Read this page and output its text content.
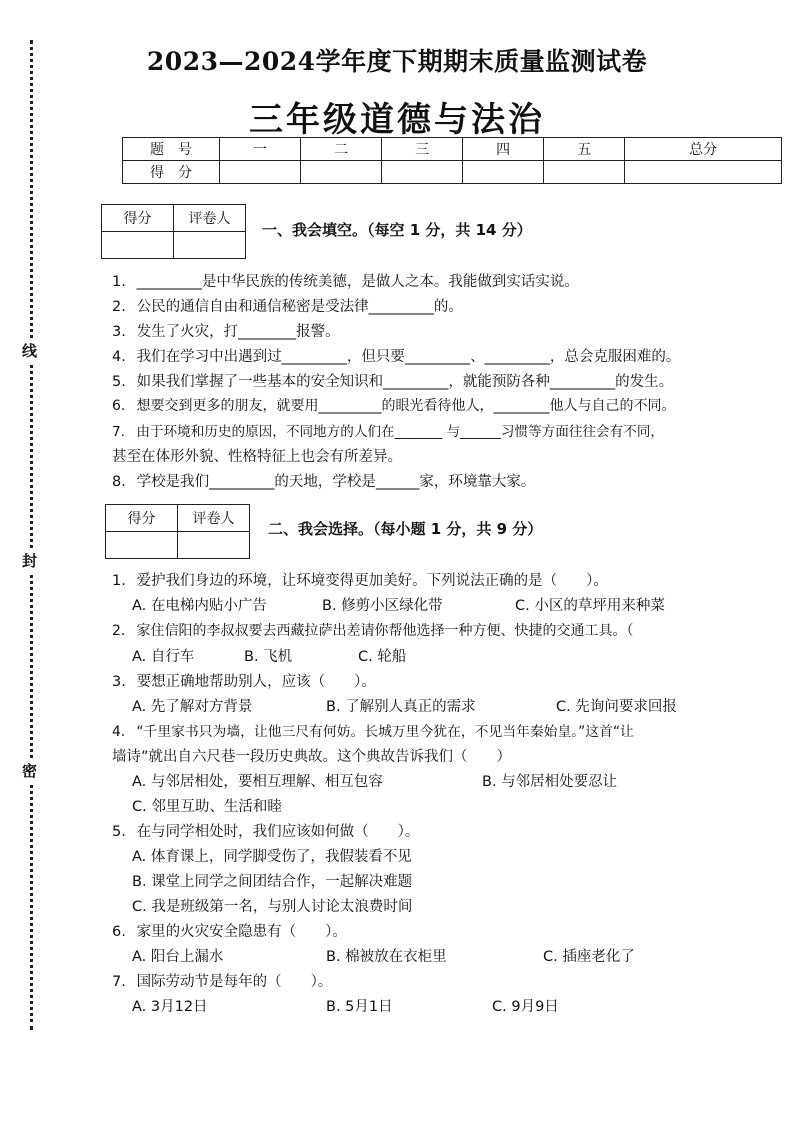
线
封
密
2023—2024学年度下期期末质量监测试卷
三年级道德与法治
题　号	一	二	三	四	五	总分
得　分						
得分	评卷人

一、我会填空。（每空 1 分，共 14 分）
1. _________是中华民族的传统美德，是做人之本。我能做到实话实说。
2. 公民的通信自由和通信秘密是受法律_________的。
3. 发生了火灾，打________报警。
4. 我们在学习中出遇到过_________，但只要_________、_________，总会克服困难的。
5. 如果我们掌握了一些基本的安全知识和_________，就能预防各种_________的发生。
6. 想要交到更多的朋友，就要用_________的眼光看待他人，________他人与自己的不同。
7. 由于环境和历史的原因，不同地方的人们在_______ 与______习惯等方面往往会有不同，
甚至在体形外貌、性格特征上也会有所差异。
8. 学校是我们_________的天地，学校是______家，环境靠大家。
得分	评卷人

二、我会选择。（每小题 1 分，共 9 分）
1. 爱护我们身边的环境，让环境变得更加美好。下列说法正确的是（　　）。
A. 在电梯内贴小广告	B. 修剪小区绿化带	C. 小区的草坪用来种菜
2. 家住信阳的李叔叔要去西藏拉萨出差请你帮他选择一种方便、快捷的交通工具。（　
A. 自行车	B. 飞机	C. 轮船
3. 要想正确地帮助别人，应该（　　）。
A. 先了解对方背景	B. 了解别人真正的需求	C. 先询问要求回报
4. “千里家书只为墙，让他三尺有何妨。长城万里今犹在，不见当年秦始皇。”这首“让
墙诗”就出自六尺巷一段历史典故。这个典故告诉我们（　　）
A. 与邻居相处，要相互理解、相互包容	B. 与邻居相处要忍让
C. 邻里互助、生活和睦
5. 在与同学相处时，我们应该如何做（　　）。
A. 体育课上，同学脚受伤了，我假装看不见
B. 课堂上同学之间团结合作，一起解决难题
C. 我是班级第一名，与别人讨论太浪费时间
6. 家里的火灾安全隐患有（　　）。
A. 阳台上漏水	B. 棉被放在衣柜里	C. 插座老化了
7. 国际劳动节是每年的（　　）。
A. 3月12日	B. 5月1日	C. 9月9日
